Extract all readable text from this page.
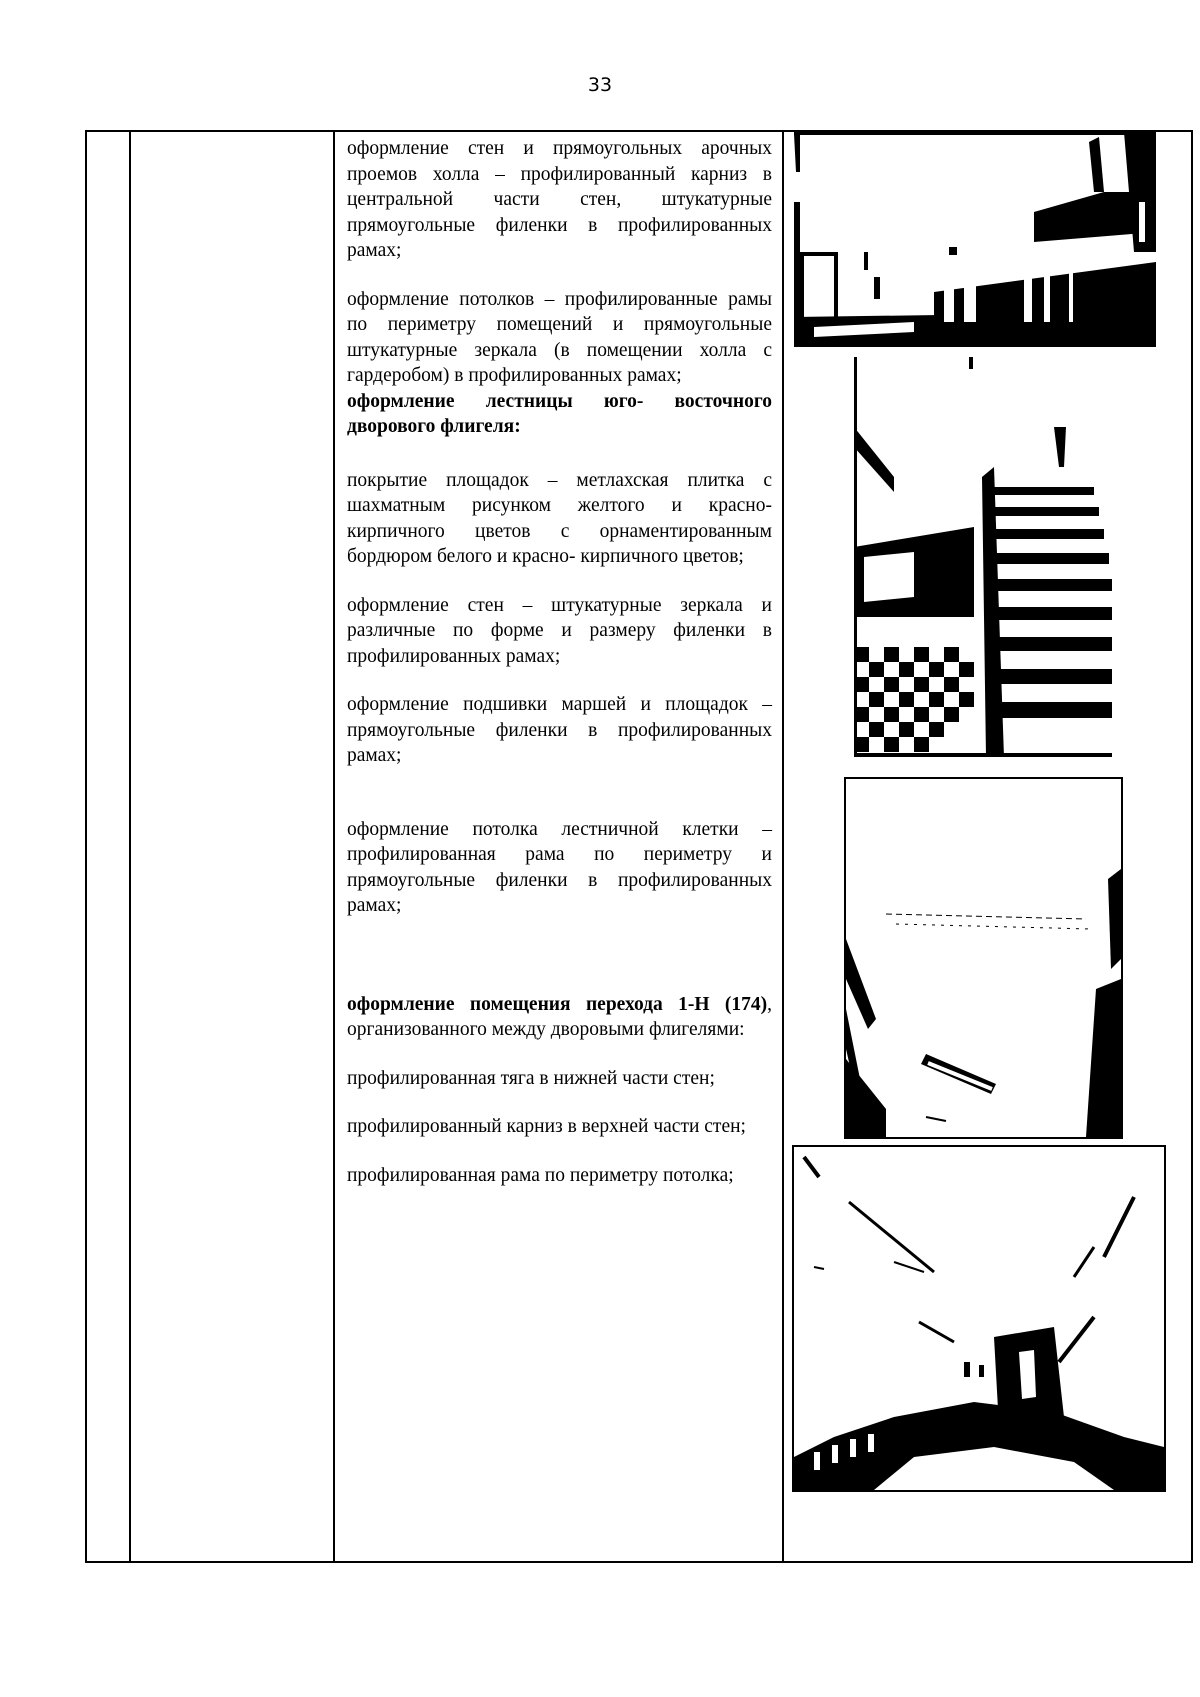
33

оформление стен и прямоугольных арочных проемов холла – профилированный карниз в центральной части стен, штукатурные прямоугольные филенки в профилированных рамах;

оформление потолков – профилированные рамы по периметру помещений и прямоугольные штукатурные зеркала (в помещении холла с гардеробом) в профилированных рамах;

оформление лестницы юго- восточного дворового флигеля:

покрытие площадок – метлахская плитка с шахматным рисунком желтого и красно-кирпичного цветов с орнаментированным бордюром белого и красно- кирпичного цветов;

оформление стен – штукатурные зеркала и различные по форме и размеру филенки в профилированных рамах;

оформление подшивки маршей и площадок – прямоугольные филенки в профилированных рамах;

оформление потолка лестничной клетки – профилированная рама по периметру и прямоугольные филенки в профилированных рамах;

оформление помещения перехода 1-Н (174), организованного между дворовыми флигелями:

профилированная тяга в нижней части стен;

профилированный карниз в верхней части стен;

профилированная рама по периметру потолка;
